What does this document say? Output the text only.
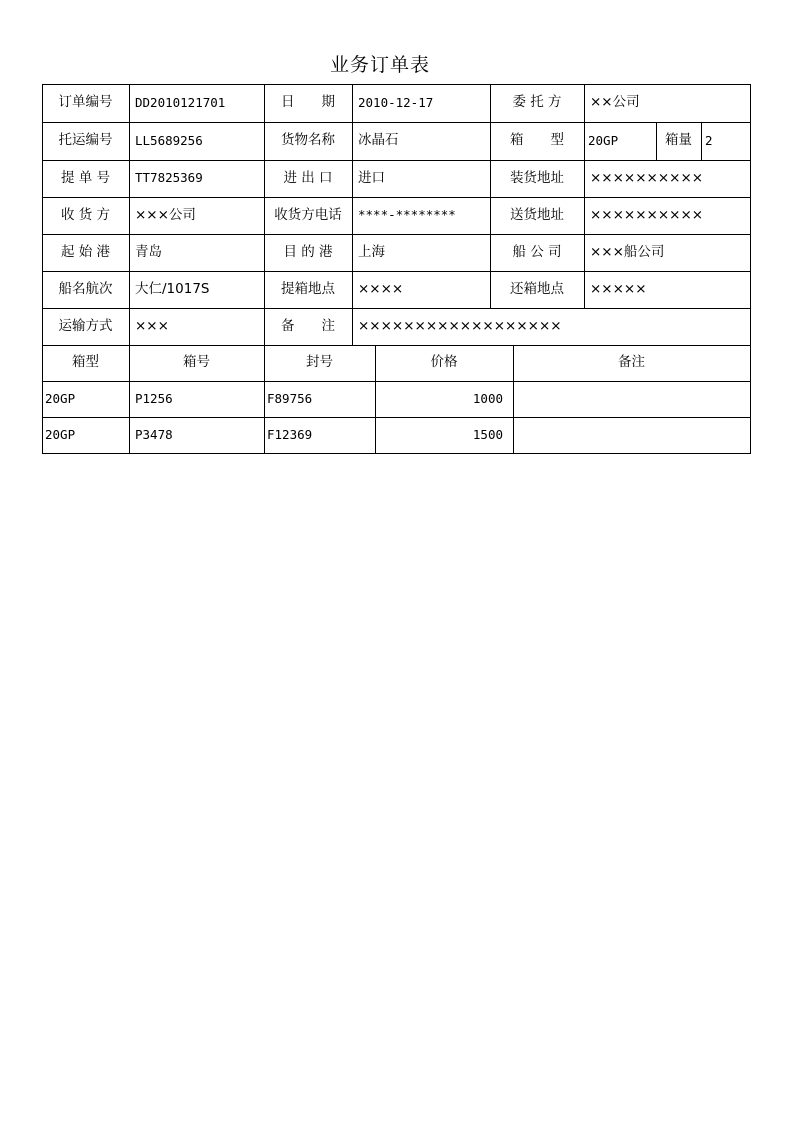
业务订单表
订单编号	DD2010121701	日　　期	2010-12-17	委 托 方	××公司
托运编号	LL5689256	货物名称	冰晶石	箱　　型	20GP	箱量	2
提 单 号	TT7825369	进 出 口	进口	装货地址	××××××××××
收 货 方	×××公司	收货方电话	****-********	送货地址	××××××××××
起 始 港	青岛	目 的 港	上海	船 公 司	×××船公司
船名航次	大仁/1017S	提箱地点	××××	还箱地点	×××××
运输方式	×××	备　　注	××××××××××××××××××
箱型	箱号	封号	价格	备注
20GP	P1256	F89756	1000
20GP	P3478	F12369	1500
